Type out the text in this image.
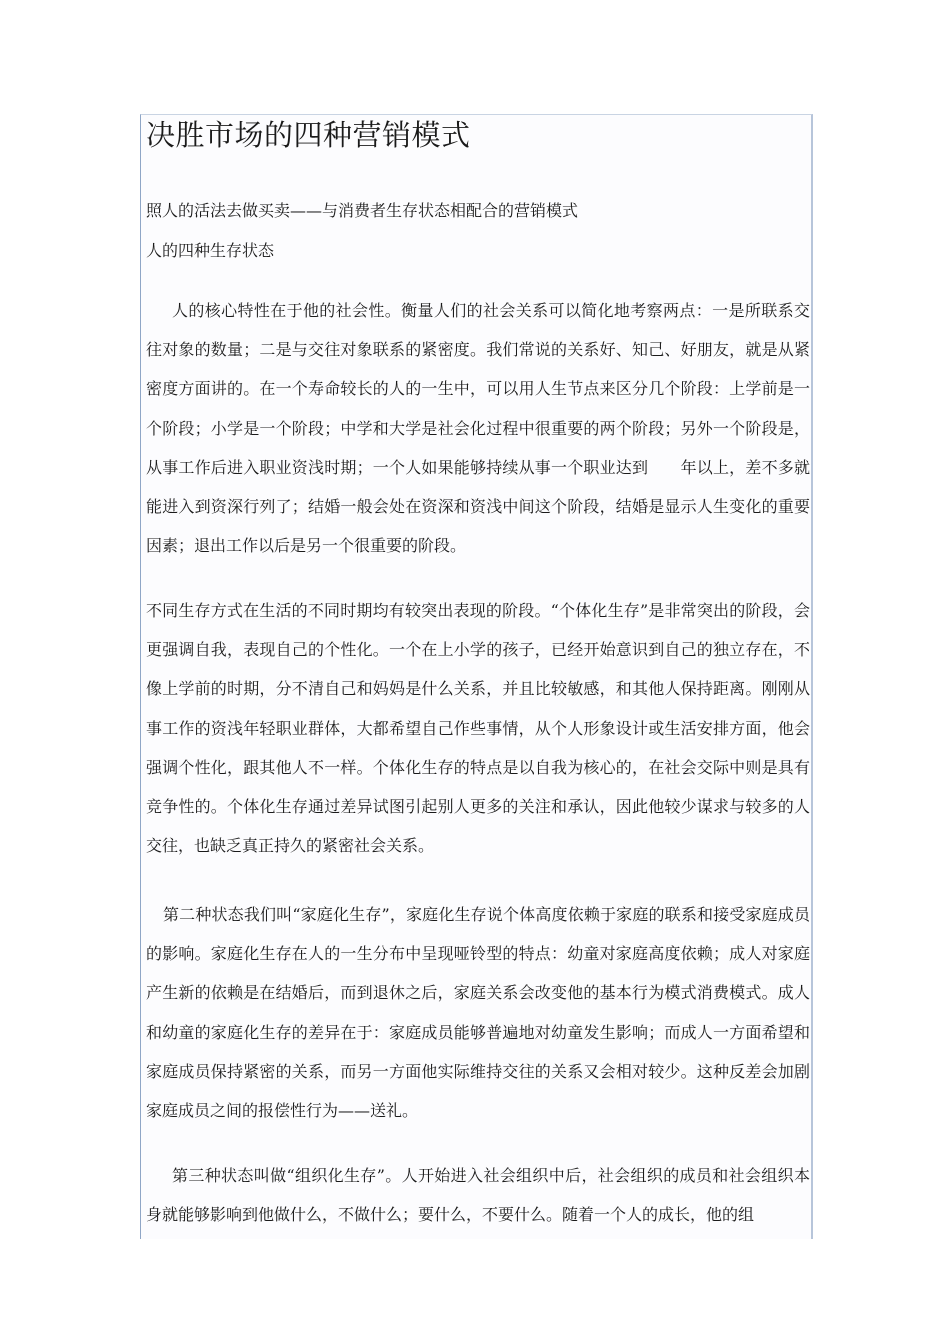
决胜市场的四种营销模式
照人的活法去做买卖——与消费者生存状态相配合的营销模式
人的四种生存状态

人的核心特性在于他的社会性。衡量人们的社会关系可以简化地考察两点：一是所联系交往对象的数量；二是与交往对象联系的紧密度。我们常说的关系好、知己、好朋友，就是从紧密度方面讲的。在一个寿命较长的人的一生中，可以用人生节点来区分几个阶段：上学前是一个阶段；小学是一个阶段；中学和大学是社会化过程中很重要的两个阶段；另外一个阶段是，从事工作后进入职业资浅时期；一个人如果能够持续从事一个职业达到　　年以上，差不多就能进入到资深行列了；结婚一般会处在资深和资浅中间这个阶段，结婚是显示人生变化的重要因素；退出工作以后是另一个很重要的阶段。

不同生存方式在生活的不同时期均有较突出表现的阶段。“个体化生存”是非常突出的阶段，会更强调自我，表现自己的个性化。一个在上小学的孩子，已经开始意识到自己的独立存在，不像上学前的时期，分不清自己和妈妈是什么关系，并且比较敏感，和其他人保持距离。刚刚从事工作的资浅年轻职业群体，大都希望自己作些事情，从个人形象设计或生活安排方面，他会强调个性化，跟其他人不一样。个体化生存的特点是以自我为核心的，在社会交际中则是具有竞争性的。个体化生存通过差异试图引起别人更多的关注和承认，因此他较少谋求与较多的人交往，也缺乏真正持久的紧密社会关系。

第二种状态我们叫“家庭化生存”，家庭化生存说个体高度依赖于家庭的联系和接受家庭成员的影响。家庭化生存在人的一生分布中呈现哑铃型的特点：幼童对家庭高度依赖；成人对家庭产生新的依赖是在结婚后，而到退休之后，家庭关系会改变他的基本行为模式消费模式。成人和幼童的家庭化生存的差异在于：家庭成员能够普遍地对幼童发生影响；而成人一方面希望和家庭成员保持紧密的关系，而另一方面他实际维持交往的关系又会相对较少。这种反差会加剧家庭成员之间的报偿性行为——送礼。

第三种状态叫做“组织化生存”。人开始进入社会组织中后，社会组织的成员和社会组织本身就能够影响到他做什么，不做什么；要什么，不要什么。随着一个人的成长，他的组
